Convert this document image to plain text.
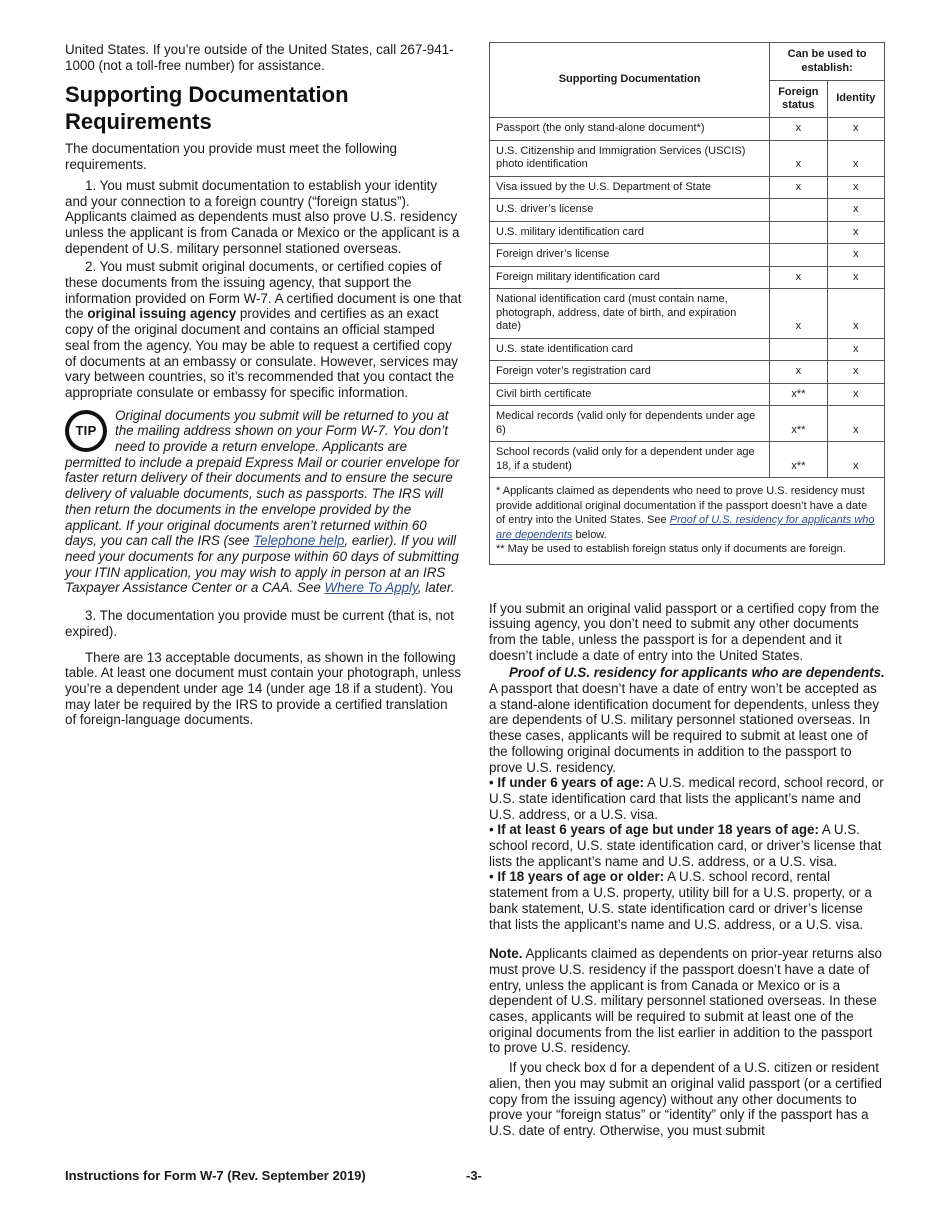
United States. If you’re outside of the United States, call 267-941-1000 (not a toll-free number) for assistance.

Supporting Documentation Requirements

The documentation you provide must meet the following requirements.

1. You must submit documentation to establish your identity and your connection to a foreign country (“foreign status”). Applicants claimed as dependents must also prove U.S. residency unless the applicant is from Canada or Mexico or the applicant is a dependent of U.S. military personnel stationed overseas.

2. You must submit original documents, or certified copies of these documents from the issuing agency, that support the information provided on Form W-7. A certified document is one that the original issuing agency provides and certifies as an exact copy of the original document and contains an official stamped seal from the agency. You may be able to request a certified copy of documents at an embassy or consulate. However, services may vary between countries, so it’s recommended that you contact the appropriate consulate or embassy for specific information.

TIP
Original documents you submit will be returned to you at the mailing address shown on your Form W-7. You don’t need to provide a return envelope. Applicants are permitted to include a prepaid Express Mail or courier envelope for faster return delivery of their documents and to ensure the secure delivery of valuable documents, such as passports. The IRS will then return the documents in the envelope provided by the applicant. If your original documents aren’t returned within 60 days, you can call the IRS (see Telephone help, earlier). If you will need your documents for any purpose within 60 days of submitting your ITIN application, you may wish to apply in person at an IRS Taxpayer Assistance Center or a CAA. See Where To Apply, later.

3. The documentation you provide must be current (that is, not expired).

There are 13 acceptable documents, as shown in the following table. At least one document must contain your photograph, unless you’re a dependent under age 14 (under age 18 if a student). You may later be required by the IRS to provide a certified translation of foreign-language documents.

Supporting Documentation	Can be used to establish:	
	Foreign status	Identity
Passport (the only stand-alone document*)	x	x
U.S. Citizenship and Immigration Services (USCIS) photo identification	x	x
Visa issued by the U.S. Department of State	x	x
U.S. driver’s license		x
U.S. military identification card		x
Foreign driver’s license		x
Foreign military identification card	x	x
National identification card (must contain name, photograph, address, date of birth, and expiration date)	x	x
U.S. state identification card		x
Foreign voter’s registration card	x	x
Civil birth certificate	x**	x
Medical records (valid only for dependents under age 6)	x**	x
School records (valid only for a dependent under age 18, if a student)	x**	x
* Applicants claimed as dependents who need to prove U.S. residency must provide additional original documentation if the passport doesn’t have a date of entry into the United States. See Proof of U.S. residency for applicants who are dependents below.
** May be used to establish foreign status only if documents are foreign.

If you submit an original valid passport or a certified copy from the issuing agency, you don’t need to submit any other documents from the table, unless the passport is for a dependent and it doesn’t include a date of entry into the United States.

Proof of U.S. residency for applicants who are dependents. A passport that doesn’t have a date of entry won’t be accepted as a stand-alone identification document for dependents, unless they are dependents of U.S. military personnel stationed overseas. In these cases, applicants will be required to submit at least one of the following original documents in addition to the passport to prove U.S. residency.

• If under 6 years of age: A U.S. medical record, school record, or U.S. state identification card that lists the applicant’s name and U.S. address, or a U.S. visa.

• If at least 6 years of age but under 18 years of age: A U.S. school record, U.S. state identification card, or driver’s license that lists the applicant’s name and U.S. address, or a U.S. visa.

• If 18 years of age or older: A U.S. school record, rental statement from a U.S. property, utility bill for a U.S. property, or a bank statement, U.S. state identification card or driver’s license that lists the applicant’s name and U.S. address, or a U.S. visa.

Note. Applicants claimed as dependents on prior-year returns also must prove U.S. residency if the passport doesn’t have a date of entry, unless the applicant is from Canada or Mexico or is a dependent of U.S. military personnel stationed overseas. In these cases, applicants will be required to submit at least one of the original documents from the list earlier in addition to the passport to prove U.S. residency.

If you check box d for a dependent of a U.S. citizen or resident alien, then you may submit an original valid passport (or a certified copy from the issuing agency) without any other documents to prove your “foreign status” or “identity” only if the passport has a U.S. date of entry. Otherwise, you must submit

Instructions for Form W-7 (Rev. September 2019)	-3-
